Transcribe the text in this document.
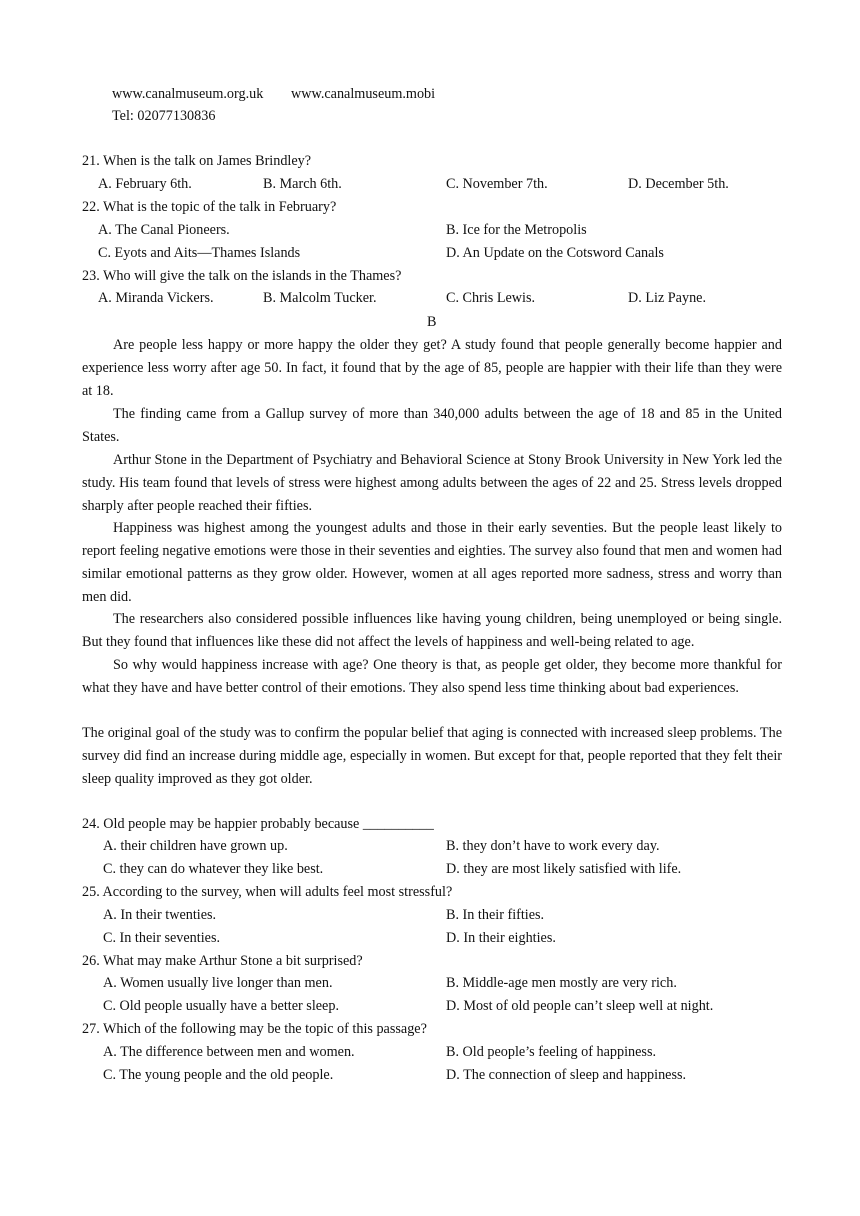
www.canalmuseum.org.uk www.canalmuseum.mobi
Tel: 02077130836
21. When is the talk on James Brindley?
A. February 6th.	B. March 6th.	C. November 7th.	D. December 5th.
22. What is the topic of the talk in February?
A. The Canal Pioneers.	B. Ice for the Metropolis
C. Eyots and Aits—Thames Islands	D. An Update on the Cotsword Canals
23. Who will give the talk on the islands in the Thames?
A. Miranda Vickers.	B. Malcolm Tucker.	C. Chris Lewis.	D. Liz Payne.
B
Are people less happy or more happy the older they get? A study found that people generally become happier and experience less worry after age 50. In fact, it found that by the age of 85, people are happier with their life than they were at 18.
The finding came from a Gallup survey of more than 340,000 adults between the age of 18 and 85 in the United States.
Arthur Stone in the Department of Psychiatry and Behavioral Science at Stony Brook University in New York led the study. His team found that levels of stress were highest among adults between the ages of 22 and 25. Stress levels dropped sharply after people reached their fifties.
Happiness was highest among the youngest adults and those in their early seventies. But the people least likely to report feeling negative emotions were those in their seventies and eighties. The survey also found that men and women had similar emotional patterns as they grow older. However, women at all ages reported more sadness, stress and worry than men did.
The researchers also considered possible influences like having young children, being unemployed or being single. But they found that influences like these did not affect the levels of happiness and well-being related to age.
So why would happiness increase with age? One theory is that, as people get older, they become more thankful for what they have and have better control of their emotions. They also spend less time thinking about bad experiences.
The original goal of the study was to confirm the popular belief that aging is connected with increased sleep problems. The survey did find an increase during middle age, especially in women. But except for that, people reported that they felt their sleep quality improved as they got older.
24. Old people may be happier probably because __________
A. their children have grown up.	B. they don’t have to work every day.
C. they can do whatever they like best.	D. they are most likely satisfied with life.
25. According to the survey, when will adults feel most stressful?
A. In their twenties.	B. In their fifties.
C. In their seventies.	D. In their eighties.
26. What may make Arthur Stone a bit surprised?
A. Women usually live longer than men.	B. Middle-age men mostly are very rich.
C. Old people usually have a better sleep.	D. Most of old people can’t sleep well at night.
27. Which of the following may be the topic of this passage?
A. The difference between men and women.	B. Old people’s feeling of happiness.
C. The young people and the old people.	D. The connection of sleep and happiness.
